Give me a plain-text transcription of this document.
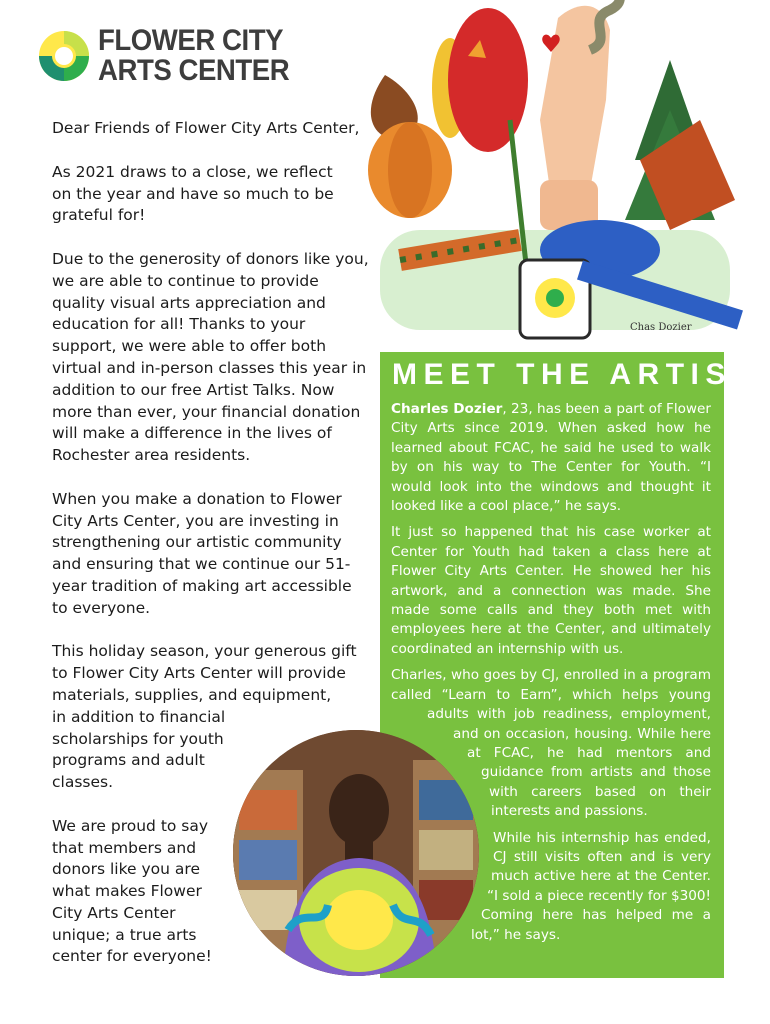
FLOWER CITY
ARTS CENTER

Dear Friends of Flower City Arts Center,

As 2021 draws to a close, we reflect on the year and have so much to be grateful for!

Due to the generosity of donors like you, we are able to continue to provide quality visual arts appreciation and education for all! Thanks to your support, we were able to offer both virtual and in-person classes this year in addition to our free Artist Talks. Now more than ever, your financial donation will make a difference in the lives of Rochester area residents.

When you make a donation to Flower City Arts Center, you are investing in strengthening our artistic community and ensuring that we continue our 51-year tradition of making art accessible to everyone.

This holiday season, your generous gift to Flower City Arts Center will provide materials, supplies, and equipment,

in addition to financial scholarships for youth programs and adult classes.

We are proud to say that members and donors like you are what makes Flower City Arts Center unique; a true arts center for everyone!

Chas Dozier
MEET THE ARTIST

Charles Dozier, 23, has been a part of Flower City Arts since 2019. When asked how he learned about FCAC, he said he used to walk by on his way to The Center for Youth. “I would look into the windows and thought it looked like a cool place,” he says.

It just so happened that his case worker at Center for Youth had taken a class here at Flower City Arts Center. He showed her his artwork, and a connection was made. She made some calls and they both met with employees here at the Center, and ultimately coordinated an internship with us.

Charles, who goes by CJ, enrolled in a program called “Learn to Earn”, which helps young adults with job readiness, employment, and on occasion, housing. While here at FCAC, he had mentors and guidance from artists and those with careers based on their interests and passions.

While his internship has ended, CJ still visits often and is very much active here at the Center. “I sold a piece recently for $300! Coming here has helped me a lot,” he says.
